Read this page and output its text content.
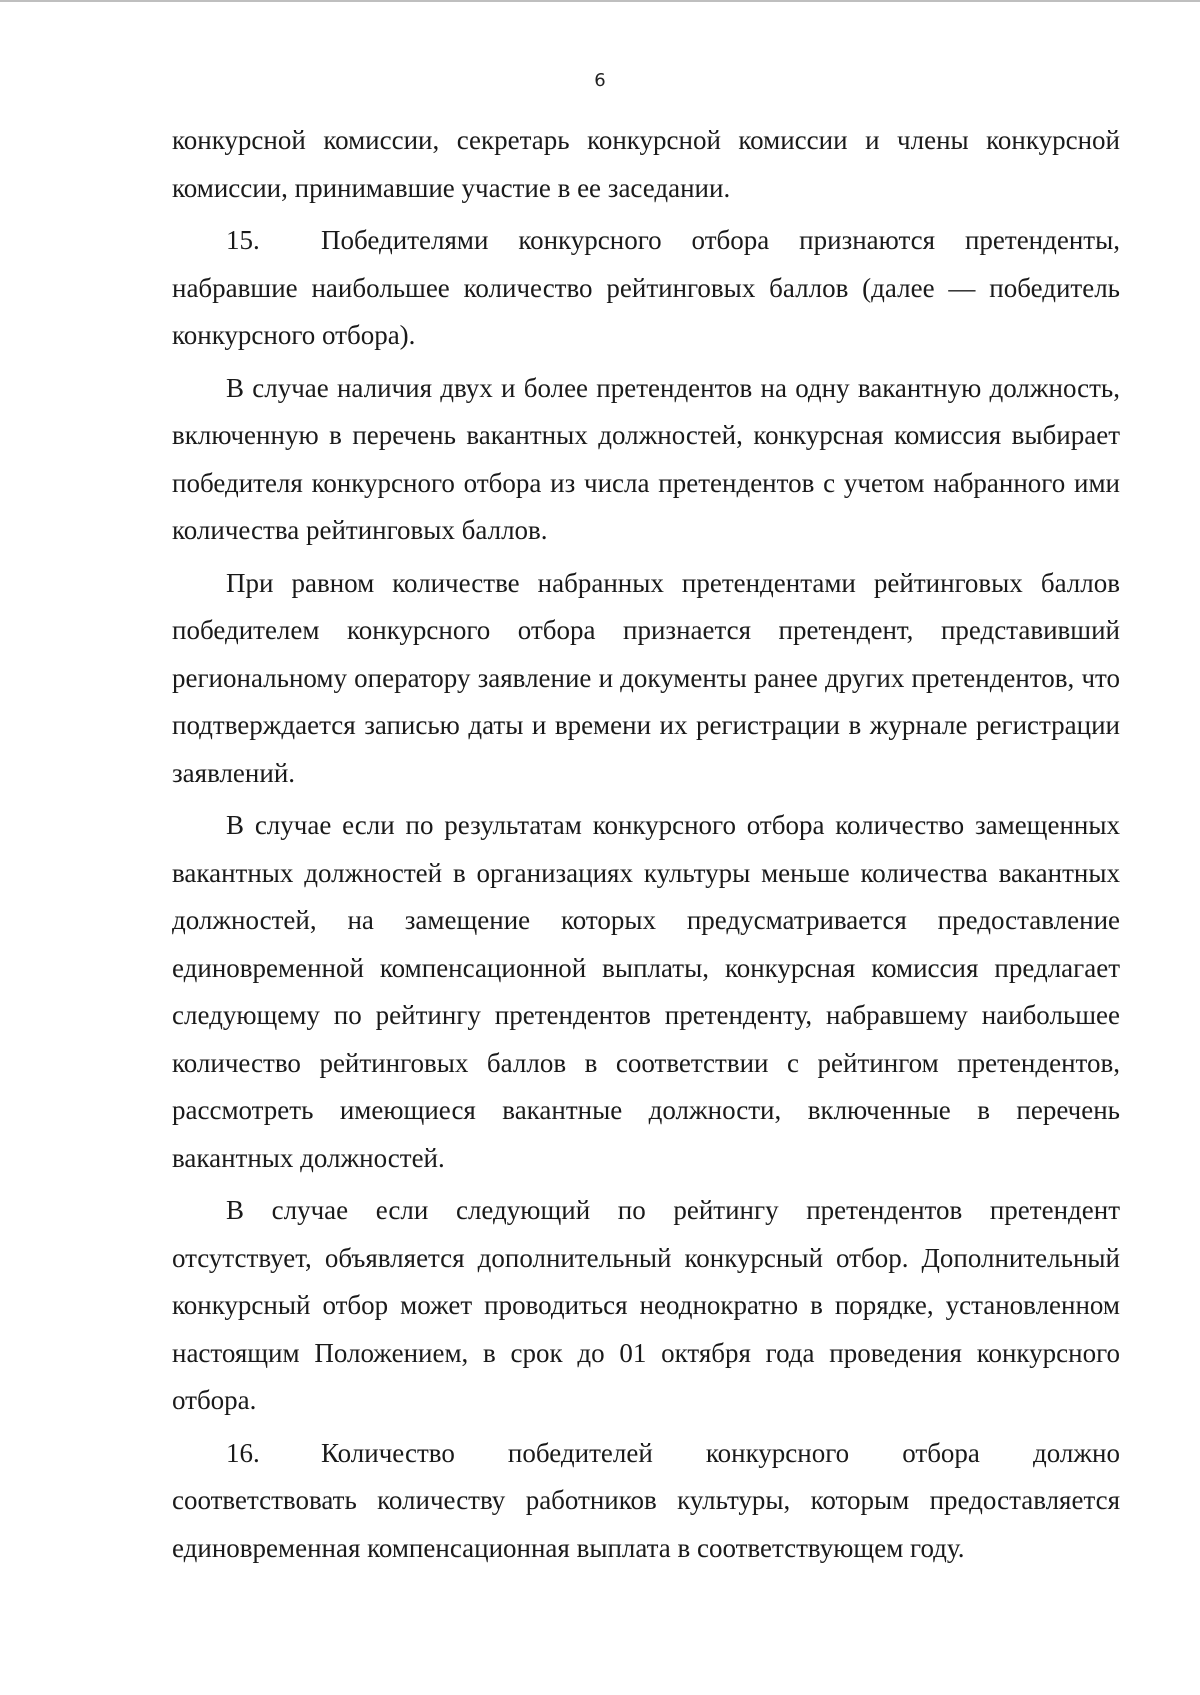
6

конкурсной комиссии, секретарь конкурсной комиссии и члены конкурсной комиссии, принимавшие участие в ее заседании.

15. Победителями конкурсного отбора признаются претенденты, набравшие наибольшее количество рейтинговых баллов (далее — победитель конкурсного отбора).

В случае наличия двух и более претендентов на одну вакантную должность, включенную в перечень вакантных должностей, конкурсная комиссия выбирает победителя конкурсного отбора из числа претендентов с учетом набранного ими количества рейтинговых баллов.

При равном количестве набранных претендентами рейтинговых баллов победителем конкурсного отбора признается претендент, представивший региональному оператору заявление и документы ранее других претендентов, что подтверждается записью даты и времени их регистрации в журнале регистрации заявлений.

В случае если по результатам конкурсного отбора количество замещенных вакантных должностей в организациях культуры меньше количества вакантных должностей, на замещение которых предусматривается предоставление единовременной компенсационной выплаты, конкурсная комиссия предлагает следующему по рейтингу претендентов претенденту, набравшему наибольшее количество рейтинговых баллов в соответствии с рейтингом претендентов, рассмотреть имеющиеся вакантные должности, включенные в перечень вакантных должностей.

В случае если следующий по рейтингу претендентов претендент отсутствует, объявляется дополнительный конкурсный отбор. Дополнительный конкурсный отбор может проводиться неоднократно в порядке, установленном настоящим Положением, в срок до 01 октября года проведения конкурсного отбора.

16. Количество победителей конкурсного отбора должно соответствовать количеству работников культуры, которым предоставляется единовременная компенсационная выплата в соответствующем году.
